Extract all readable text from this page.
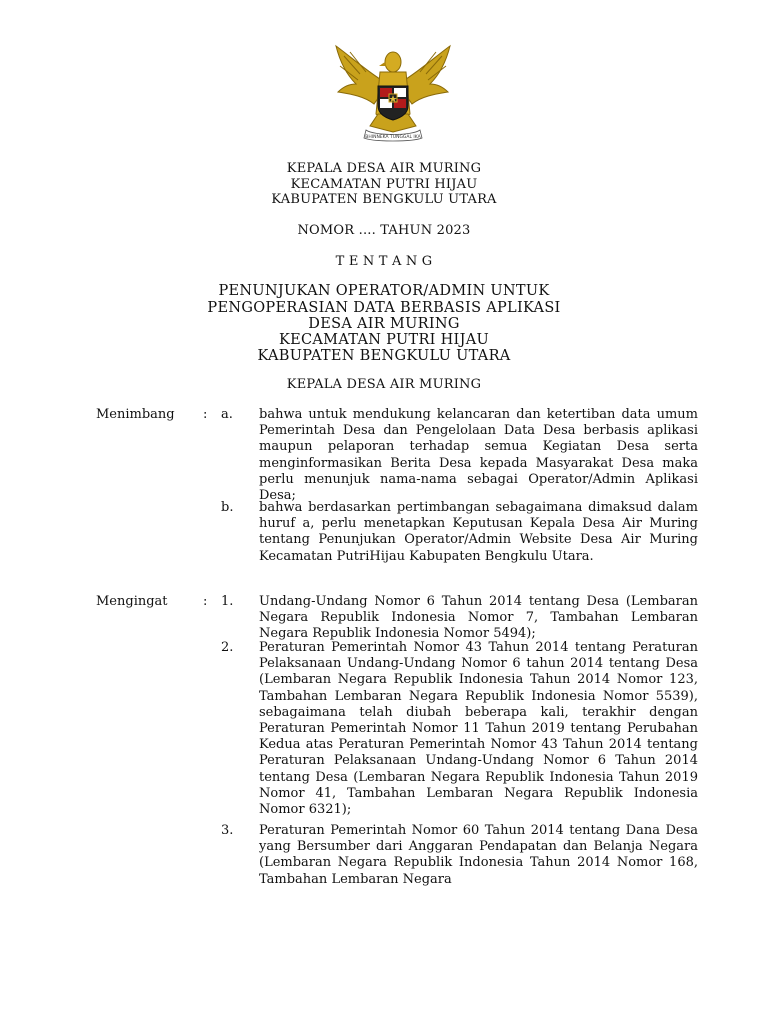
BHINNEKA TUNGGAL IKA
KEPALA DESA AIR MURING
KECAMATAN PUTRI HIJAU
KABUPATEN BENGKULU UTARA
NOMOR .... TAHUN 2023
T E N T A N G
PENUNJUKAN OPERATOR/ADMIN UNTUK
PENGOPERASIAN DATA BERBASIS APLIKASI
DESA AIR MURING
KECAMATAN PUTRI HIJAU
KABUPATEN BENGKULU UTARA
KEPALA DESA AIR MURING
Menimbang : a. bahwa untuk mendukung kelancaran dan ketertiban data umum Pemerintah Desa dan Pengelolaan Data Desa berbasis aplikasi maupun pelaporan terhadap semua Kegiatan Desa serta menginformasikan Berita Desa kepada Masyarakat Desa maka perlu menunjuk nama-nama sebagai Operator/Admin Aplikasi Desa;
b. bahwa berdasarkan pertimbangan sebagaimana dimaksud dalam huruf a, perlu menetapkan Keputusan Kepala Desa Air Muring tentang Penunjukan Operator/Admin Website Desa Air Muring Kecamatan PutriHijau Kabupaten Bengkulu Utara.
Mengingat	: 1. Undang-Undang Nomor 6 Tahun 2014 tentang Desa (Lembaran Negara Republik Indonesia Nomor 7, Tambahan Lembaran Negara Republik Indonesia Nomor 5494);
2. Peraturan Pemerintah Nomor 43 Tahun 2014 tentang Peraturan Pelaksanaan Undang-Undang Nomor 6 tahun 2014 tentang Desa (Lembaran Negara Republik Indonesia Tahun 2014 Nomor 123, Tambahan Lembaran Negara Republik Indonesia Nomor 5539), sebagaimana telah diubah beberapa kali, terakhir dengan Peraturan Pemerintah Nomor 11 Tahun 2019 tentang Perubahan Kedua atas Peraturan Pemerintah Nomor 43 Tahun 2014 tentang Peraturan Pelaksanaan Undang-Undang Nomor 6 Tahun 2014 tentang Desa (Lembaran Negara Republik Indonesia Tahun 2019 Nomor 41, Tambahan Lembaran Negara Republik Indonesia Nomor 6321);
3. Peraturan Pemerintah Nomor 60 Tahun 2014 tentang Dana Desa yang Bersumber dari Anggaran Pendapatan dan Belanja Negara (Lembaran Negara Republik Indonesia Tahun 2014 Nomor 168, Tambahan Lembaran Negara
